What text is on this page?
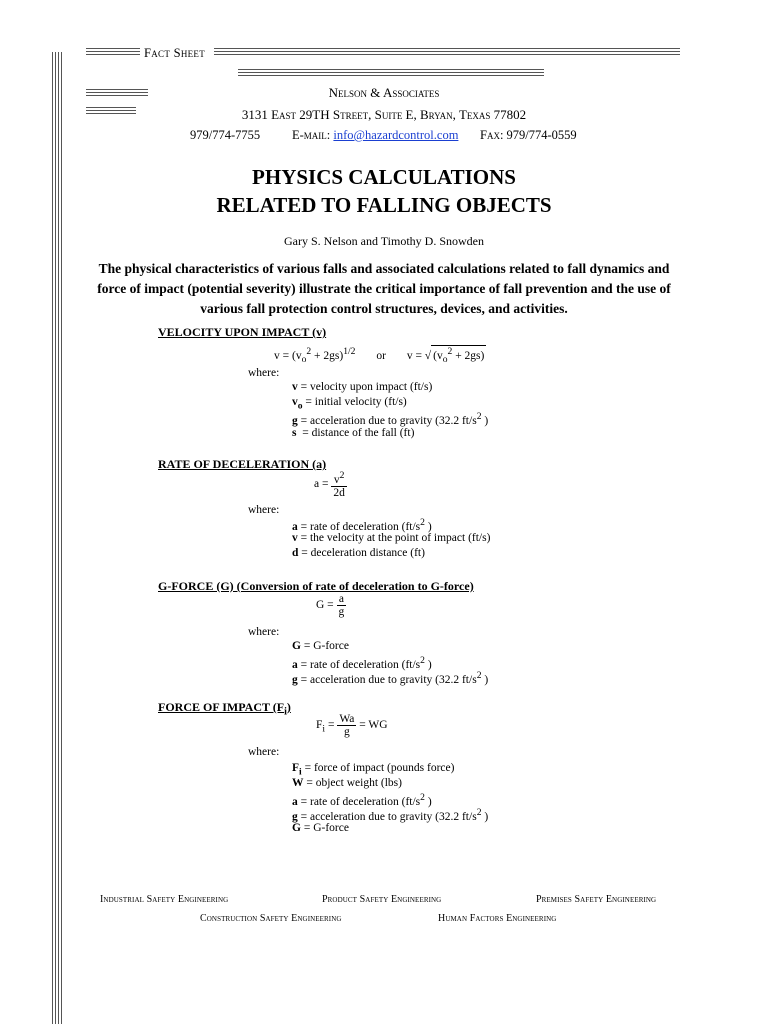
Fact Sheet
Nelson & Associates
3131 East 29TH Street, Suite E, Bryan, Texas 77802
979/774-7755	E-mail: info@hazardcontrol.com Fax: 979/774-0559
PHYSICS CALCULATIONS
RELATED TO FALLING OBJECTS
Gary S. Nelson and Timothy D. Snowden
The physical characteristics of various falls and associated calculations related to fall dynamics and force of impact (potential severity) illustrate the critical importance of fall prevention and the use of various fall protection control structures, devices, and activities.
VELOCITY UPON IMPACT (v)
$v = (v_o^2 + 2gs)^{1/2}$ or v = √ $(v_o^2 + 2gs)$
where:
v = velocity upon impact (ft/s)
$v_o$ = initial velocity (ft/s)
g = acceleration due to gravity (32.2 $ft/s^2$ )
s = distance of the fall (ft)
RATE OF DECELERATION (a)
$a = \frac{v^2}{2d}$
where:
a = rate of deceleration ($ft/s^2$ )
v = the velocity at the point of impact (ft/s)
d = deceleration distance (ft)
G-FORCE (G) (Conversion of rate of deceleration to G-force)
$G = \frac{a}{g}$
where:
G = G-force
a = rate of deceleration ($ft/s^2$ )
g = acceleration due to gravity (32.2 $ft/s^2$ )
FORCE OF IMPACT $(F_i)$
$F_i = \frac{Wa}{g}$ = WG
where:
$F_i$ = force of impact (pounds force)
W = object weight (lbs)
a = rate of deceleration ($ft/s^2$ )
g = acceleration due to gravity (32.2 $ft/s^2$ )
G = G-force
Industrial Safety Engineering	Product Safety Engineering	Premises Safety Engineering
Construction Safety Engineering	Human Factors Engineering
